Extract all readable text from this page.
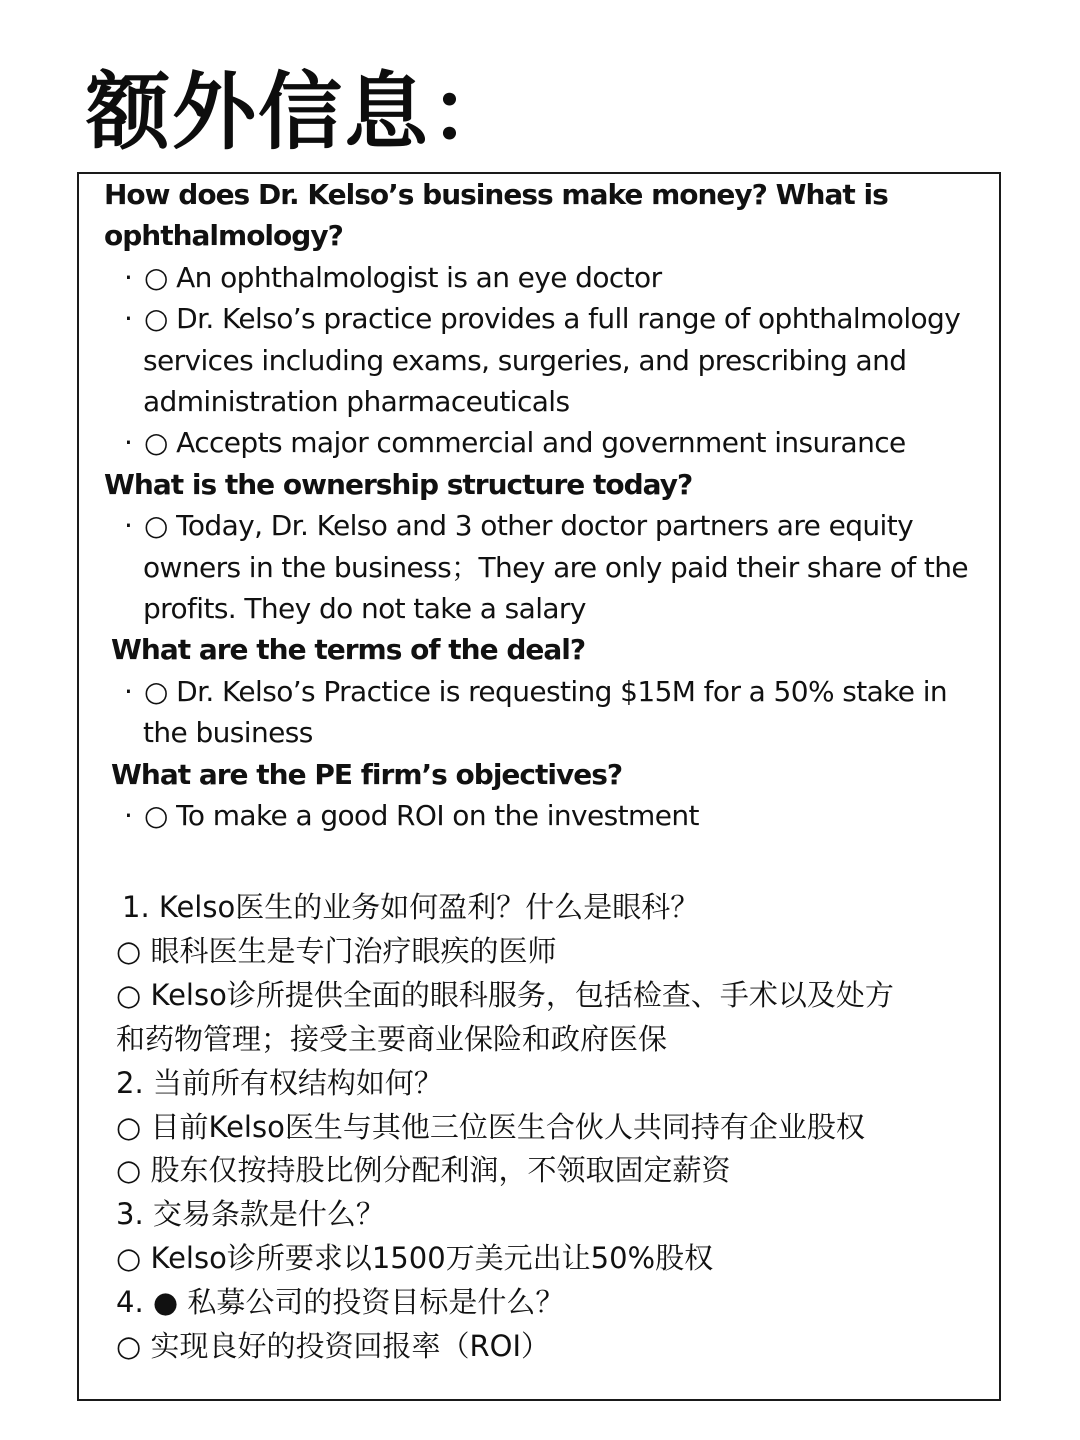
额外信息：
How does Dr. Kelso’s business make money? What is
ophthalmology?
· ○ An ophthalmologist is an eye doctor
· ○ Dr. Kelso’s practice provides a full range of ophthalmology
services including exams, surgeries, and prescribing and
administration pharmaceuticals
· ○ Accepts major commercial and government insurance
What is the ownership structure today?
· ○ Today, Dr. Kelso and 3 other doctor partners are equity
owners in the business；They are only paid their share of the
profits. They do not take a salary
What are the terms of the deal?
· ○ Dr. Kelso’s Practice is requesting $15M for a 50% stake in
the business
What are the PE firm’s objectives?
· ○ To make a good ROI on the investment
1. Kelso医生的业务如何盈利？什么是眼科？
○ 眼科医生是专门治疗眼疾的医师
○ Kelso诊所提供全面的眼科服务，包括检查、手术以及处方
和药物管理；接受主要商业保险和政府医保
2. 当前所有权结构如何？
○ 目前Kelso医生与其他三位医生合伙人共同持有企业股权
○ 股东仅按持股比例分配利润，不领取固定薪资
3. 交易条款是什么？
○ Kelso诊所要求以1500万美元出让50%股权
4. ● 私募公司的投资目标是什么？
○ 实现良好的投资回报率（ROI）
